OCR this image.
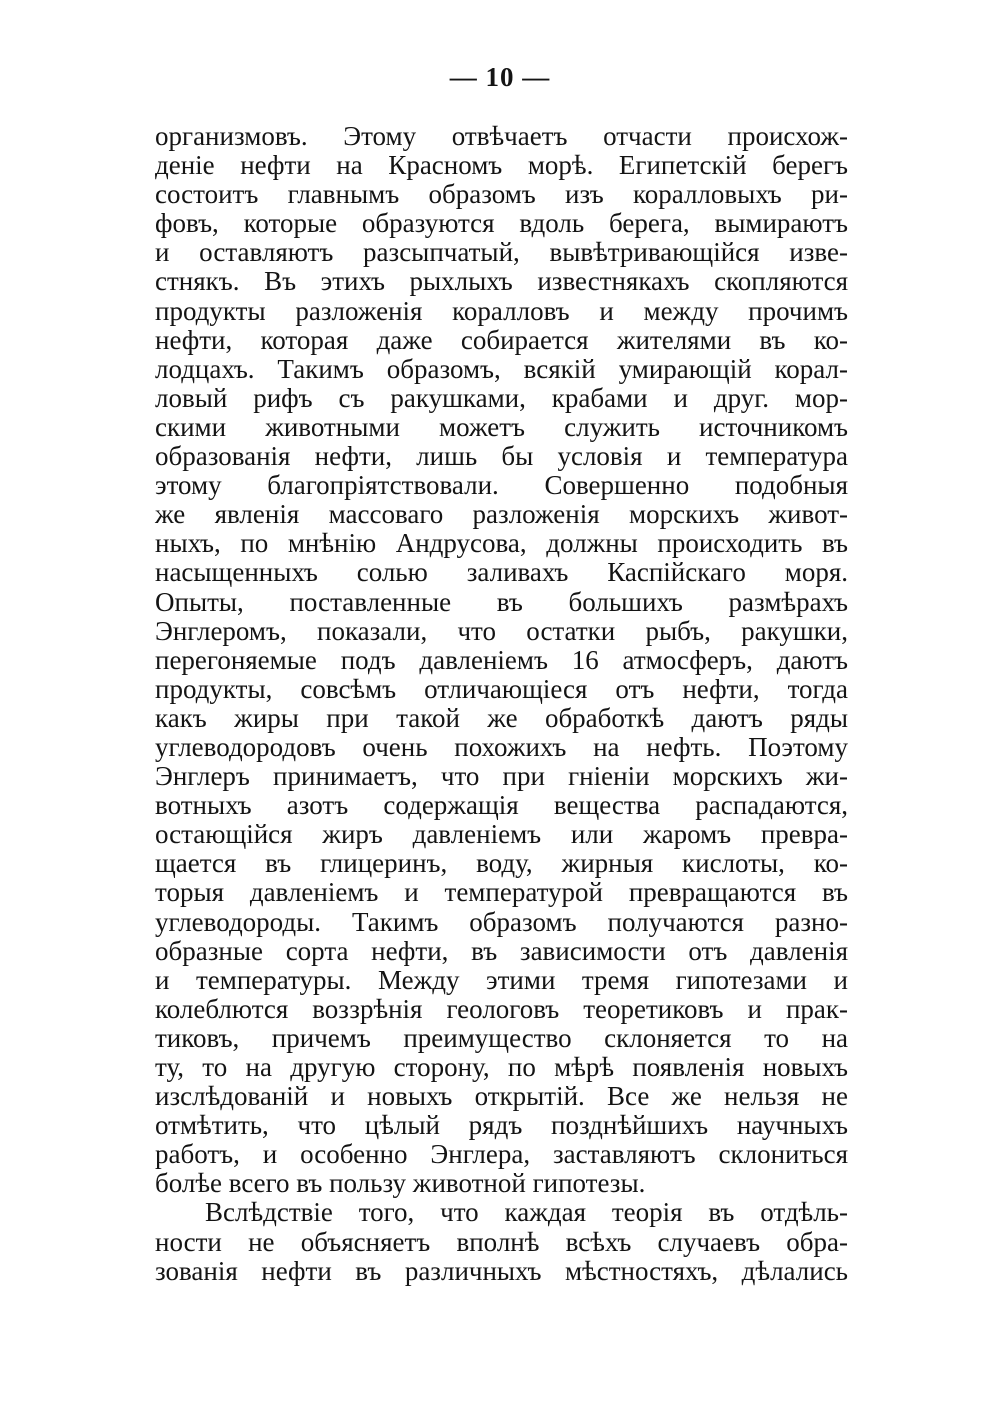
— 10 —
организмовъ. Этому отвѣчаетъ отчасти происхож-
деніе нефти на Красномъ морѣ. Египетскій берегъ
состоитъ главнымъ образомъ изъ коралловыхъ ри-
фовъ, которые образуются вдоль берега, вымираютъ
и оставляютъ разсыпчатый, вывѣтривающійся изве-
стнякъ. Въ этихъ рыхлыхъ известнякахъ скопляются
продукты разложенія коралловъ и между прочимъ
нефти, которая даже собирается жителями въ ко-
лодцахъ. Такимъ образомъ, всякій умирающій корал-
ловый рифъ съ ракушками, крабами и друг. мор-
скими животными можетъ служить источникомъ
образованія нефти, лишь бы условія и температура
этому благопріятствовали. Совершенно подобныя
же явленія массоваго разложенія морскихъ живот-
ныхъ, по мнѣнію Андрусова, должны происходить въ
насыщенныхъ солью заливахъ Каспійскаго моря.
Опыты, поставленные въ большихъ размѣрахъ
Энглеромъ, показали, что остатки рыбъ, ракушки,
перегоняемые подъ давленіемъ 16 атмосферъ, даютъ
продукты, совсѣмъ отличающіеся отъ нефти, тогда
какъ жиры при такой же обработкѣ даютъ ряды
углеводородовъ очень похожихъ на нефть. Поэтому
Энглеръ принимаетъ, что при гніеніи морскихъ жи-
вотныхъ азотъ содержащія вещества распадаются,
остающійся жиръ давленіемъ или жаромъ превра-
щается въ глицеринъ, воду, жирныя кислоты, ко-
торыя давленіемъ и температурой превращаются въ
углеводороды. Такимъ образомъ получаются разно-
образные сорта нефти, въ зависимости отъ давленія
и температуры. Между этими тремя гипотезами и
колеблются воззрѣнія геологовъ теоретиковъ и прак-
тиковъ, причемъ преимущество склоняется то на
ту, то на другую сторону, по мѣрѣ появленія новыхъ
изслѣдованій и новыхъ открытій. Все же нельзя не
отмѣтить, что цѣлый рядъ позднѣйшихъ научныхъ
работъ, и особенно Энглера, заставляютъ склониться
болѣе всего въ пользу животной гипотезы.
Вслѣдствіе того, что каждая теорія въ отдѣль-
ности не объясняетъ вполнѣ всѣхъ случаевъ обра-
зованія нефти въ различныхъ мѣстностяхъ, дѣлались
